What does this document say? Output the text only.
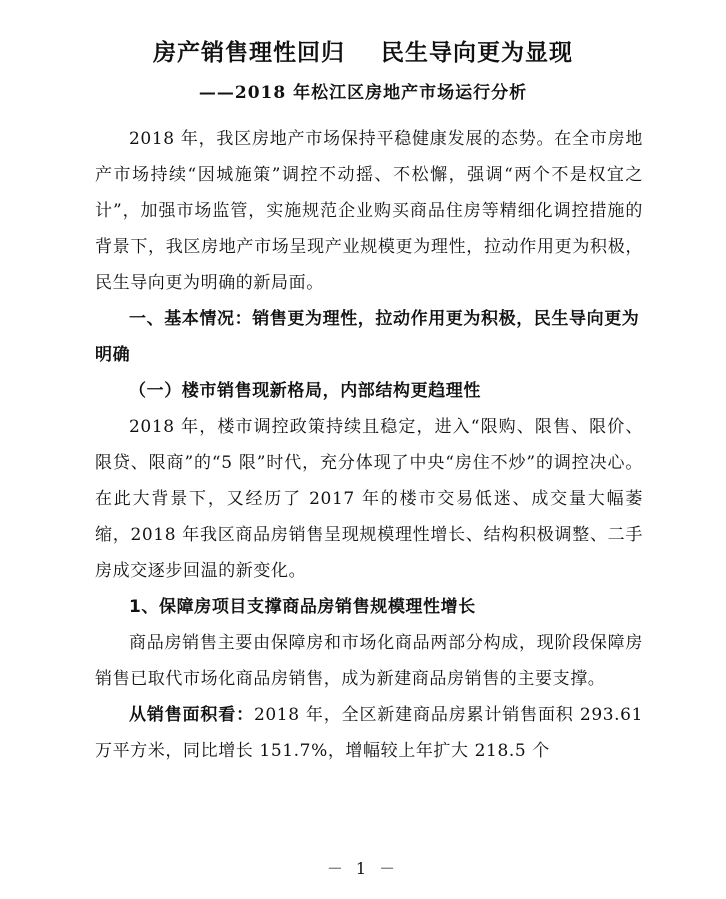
房产销售理性回归    民生导向更为显现
——2018 年松江区房地产市场运行分析

2018 年，我区房地产市场保持平稳健康发展的态势。在全市房地产市场持续“因城施策”调控不动摇、不松懈，强调“两个不是权宜之计”，加强市场监管，实施规范企业购买商品住房等精细化调控措施的背景下，我区房地产市场呈现产业规模更为理性，拉动作用更为积极，民生导向更为明确的新局面。

一、基本情况：销售更为理性，拉动作用更为积极，民生导向更为明确

（一）楼市销售现新格局，内部结构更趋理性

2018 年，楼市调控政策持续且稳定，进入“限购、限售、限价、限贷、限商”的“5 限”时代，充分体现了中央“房住不炒”的调控决心。在此大背景下，又经历了 2017 年的楼市交易低迷、成交量大幅萎缩，2018 年我区商品房销售呈现规模理性增长、结构积极调整、二手房成交逐步回温的新变化。

1、保障房项目支撑商品房销售规模理性增长

商品房销售主要由保障房和市场化商品两部分构成，现阶段保障房销售已取代市场化商品房销售，成为新建商品房销售的主要支撑。

从销售面积看：2018 年，全区新建商品房累计销售面积 293.61 万平方米，同比增长 151.7%，增幅较上年扩大 218.5 个

－ 1 －
